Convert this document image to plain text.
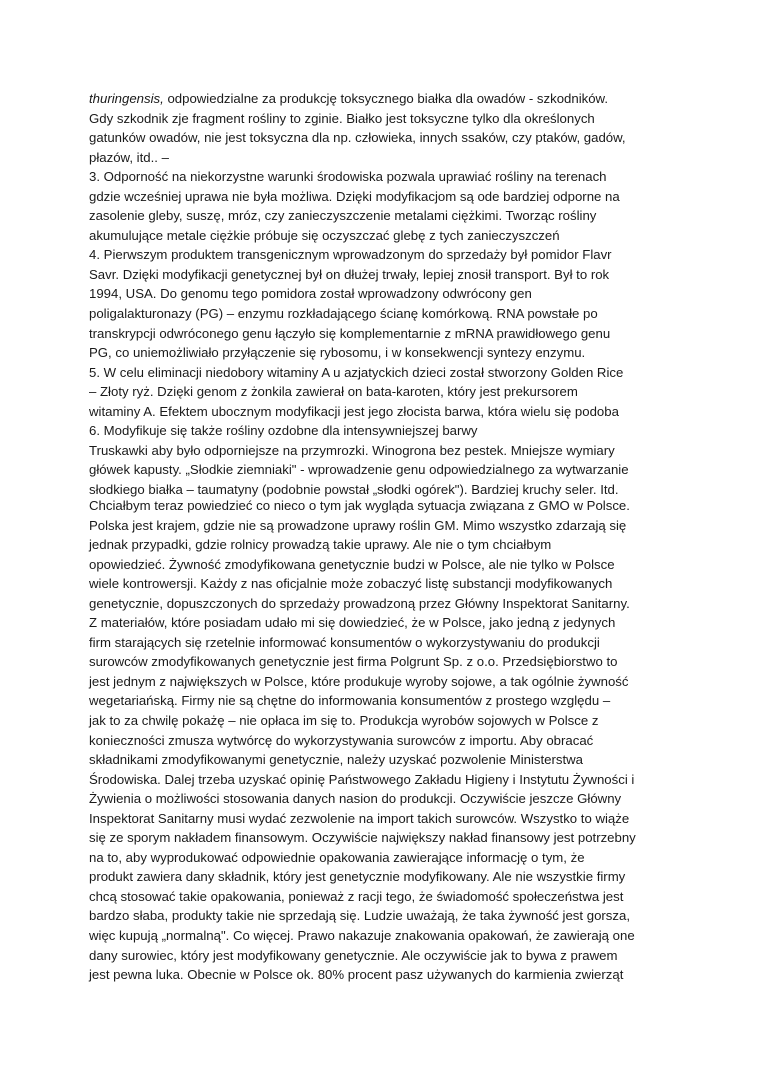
thuringensis, odpowiedzialne za produkcję toksycznego białka dla owadów - szkodników.
Gdy szkodnik zje fragment rośliny to zginie. Białko jest toksyczne tylko dla określonych
gatunków owadów, nie jest toksyczna dla np. człowieka, innych ssaków, czy ptaków, gadów,
płazów, itd.. –
3. Odporność na niekorzystne warunki środowiska pozwala uprawiać rośliny na terenach
gdzie wcześniej uprawa nie była możliwa. Dzięki modyfikacjom są ode bardziej odporne na
zasolenie gleby, suszę, mróz, czy zanieczyszczenie metalami ciężkimi. Tworząc rośliny
akumulujące metale ciężkie próbuje się oczyszczać glebę z tych zanieczyszczeń
4. Pierwszym produktem transgenicznym wprowadzonym do sprzedaży był pomidor Flavr
Savr. Dzięki modyfikacji genetycznej był on dłużej trwały, lepiej znosił transport. Był to rok
1994, USA. Do genomu tego pomidora został wprowadzony odwrócony gen
poligalakturonazy (PG) – enzymu rozkładającego ścianę komórkową. RNA powstałe po
transkrypcji odwróconego genu łączyło się komplementarnie z mRNA prawidłowego genu
PG, co uniemożliwiało przyłączenie się rybosomu, i w konsekwencji syntezy enzymu.
5. W celu eliminacji niedobory witaminy A u azjatyckich dzieci został stworzony Golden Rice
– Złoty ryż. Dzięki genom z żonkila zawierał on bata-karoten, który jest prekursorem
witaminy A. Efektem ubocznym modyfikacji jest jego złocista barwa, która wielu się podoba
6. Modyfikuje się także rośliny ozdobne dla intensywniejszej barwy
Truskawki aby było odporniejsze na przymrozki. Winogrona bez pestek. Mniejsze wymiary
główek kapusty. „Słodkie ziemniaki" - wprowadzenie genu odpowiedzialnego za wytwarzanie
słodkiego białka – taumatyny (podobnie powstał „słodki ogórek"). Bardziej kruchy seler. Itd.
Chciałbym teraz powiedzieć co nieco o tym jak wygląda sytuacja związana z GMO w Polsce.
Polska jest krajem, gdzie nie są prowadzone uprawy roślin GM. Mimo wszystko zdarzają się
jednak przypadki, gdzie rolnicy prowadzą takie uprawy. Ale nie o tym chciałbym
opowiedzieć. Żywność zmodyfikowana genetycznie budzi w Polsce, ale nie tylko w Polsce
wiele kontrowersji. Każdy z nas oficjalnie może zobaczyć listę substancji modyfikowanych
genetycznie, dopuszczonych do sprzedaży prowadzoną przez Główny Inspektorat Sanitarny.
Z materiałów, które posiadam udało mi się dowiedzieć, że w Polsce, jako jedną z jedynych
firm starających się rzetelnie informować konsumentów o wykorzystywaniu do produkcji
surowców zmodyfikowanych genetycznie jest firma Polgrunt Sp. z o.o. Przedsiębiorstwo to
jest jednym z największych w Polsce, które produkuje wyroby sojowe, a tak ogólnie żywność
wegetariańską. Firmy nie są chętne do informowania konsumentów z prostego względu –
jak to za chwilę pokażę – nie opłaca im się to. Produkcja wyrobów sojowych w Polsce z
konieczności zmusza wytwórcę do wykorzystywania surowców z importu. Aby obracać
składnikami zmodyfikowanymi genetycznie, należy uzyskać pozwolenie Ministerstwa
Środowiska. Dalej trzeba uzyskać opinię Państwowego Zakładu Higieny i Instytutu Żywności i
Żywienia o możliwości stosowania danych nasion do produkcji. Oczywiście jeszcze Główny
Inspektorat Sanitarny musi wydać zezwolenie na import takich surowców. Wszystko to wiąże
się ze sporym nakładem finansowym. Oczywiście największy nakład finansowy jest potrzebny
na to, aby wyprodukować odpowiednie opakowania zawierające informację o tym, że
produkt zawiera dany składnik, który jest genetycznie modyfikowany. Ale nie wszystkie firmy
chcą stosować takie opakowania, ponieważ z racji tego, że świadomość społeczeństwa jest
bardzo słaba, produkty takie nie sprzedają się. Ludzie uważają, że taka żywność jest gorsza,
więc kupują „normalną". Co więcej. Prawo nakazuje znakowania opakowań, że zawierają one
dany surowiec, który jest modyfikowany genetycznie. Ale oczywiście jak to bywa z prawem
jest pewna luka. Obecnie w Polsce ok. 80% procent pasz używanych do karmienia zwierząt
